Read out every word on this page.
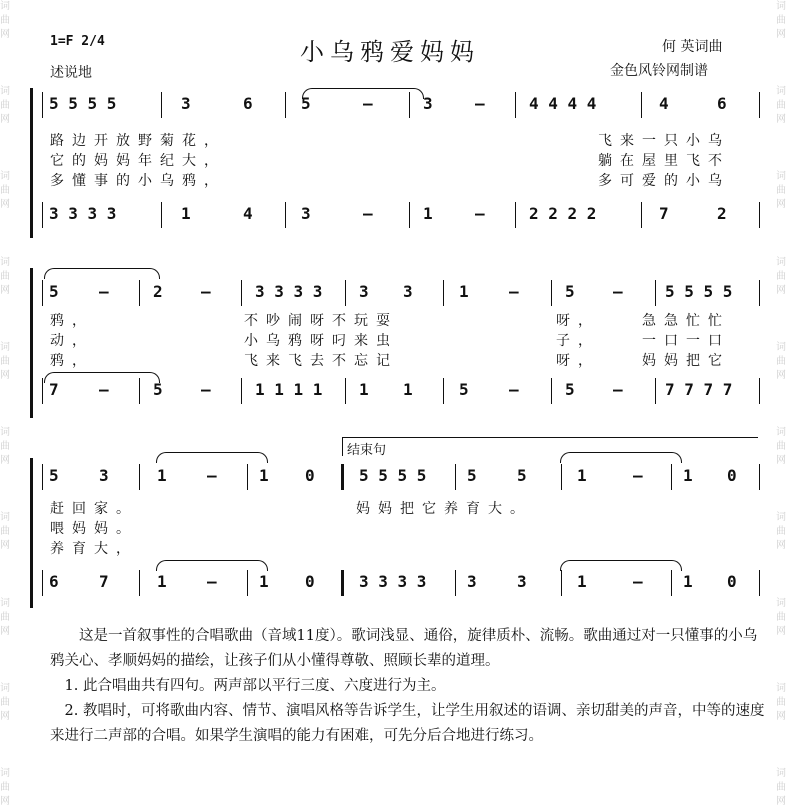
词曲网
词曲网
词曲网
词曲网
词曲网
词曲网
词曲网
词曲网
词曲网
词曲网
词曲网
词曲网
词曲网
词曲网
词曲网
词曲网
词曲网
词曲网
词曲网
词曲网
小乌鸦爱妈妈
1=F 2/4
述说地
何 英词曲
金色风铃网制谱
5 5 5 5	3	6	5	–	3	–	4 4 4 4	4	6
路边开放野菊花，	飞来一只小乌
它的妈妈年纪大，	躺在屋里飞不
多懂事的小乌鸦，	多可爱的小乌
3 3 3 3	1	4	3	–	1	–	2 2 2 2	7	2
5	–	2 –	3 3 3 3 3 3	1	–	5 –	5 5 5 5
鸦，	不吵闹呀不玩耍	呀，	急急忙忙
动，	小乌鸦呀叼来虫	子，	一口一口
鸦，	飞来飞去不忘记	呀，	妈妈把它
7	–	5 –	1 1 1 1 1 1	5	–	5 –	7 7 7 7
结束句
5	3	1	–	1 0	5 5 5 5	5	5	1	–	1 0
赶回家。	妈妈把它养育大。
喂妈妈。
养育大，
6	7	1	–	1 0	3 3 3 3	3	3	1	–	1 0

这是一首叙事性的合唱歌曲（音域11度）。歌词浅显、通俗，旋律质朴、流畅。歌曲通过对一只懂事的小乌鸦关心、孝顺妈妈的描绘，让孩子们从小懂得尊敬、照顾长辈的道理。

1. 此合唱曲共有四句。两声部以平行三度、六度进行为主。

2. 教唱时，可将歌曲内容、情节、演唱风格等告诉学生，让学生用叙述的语调、亲切甜美的声音，中等的速度来进行二声部的合唱。如果学生演唱的能力有困难，可先分后合地进行练习。
